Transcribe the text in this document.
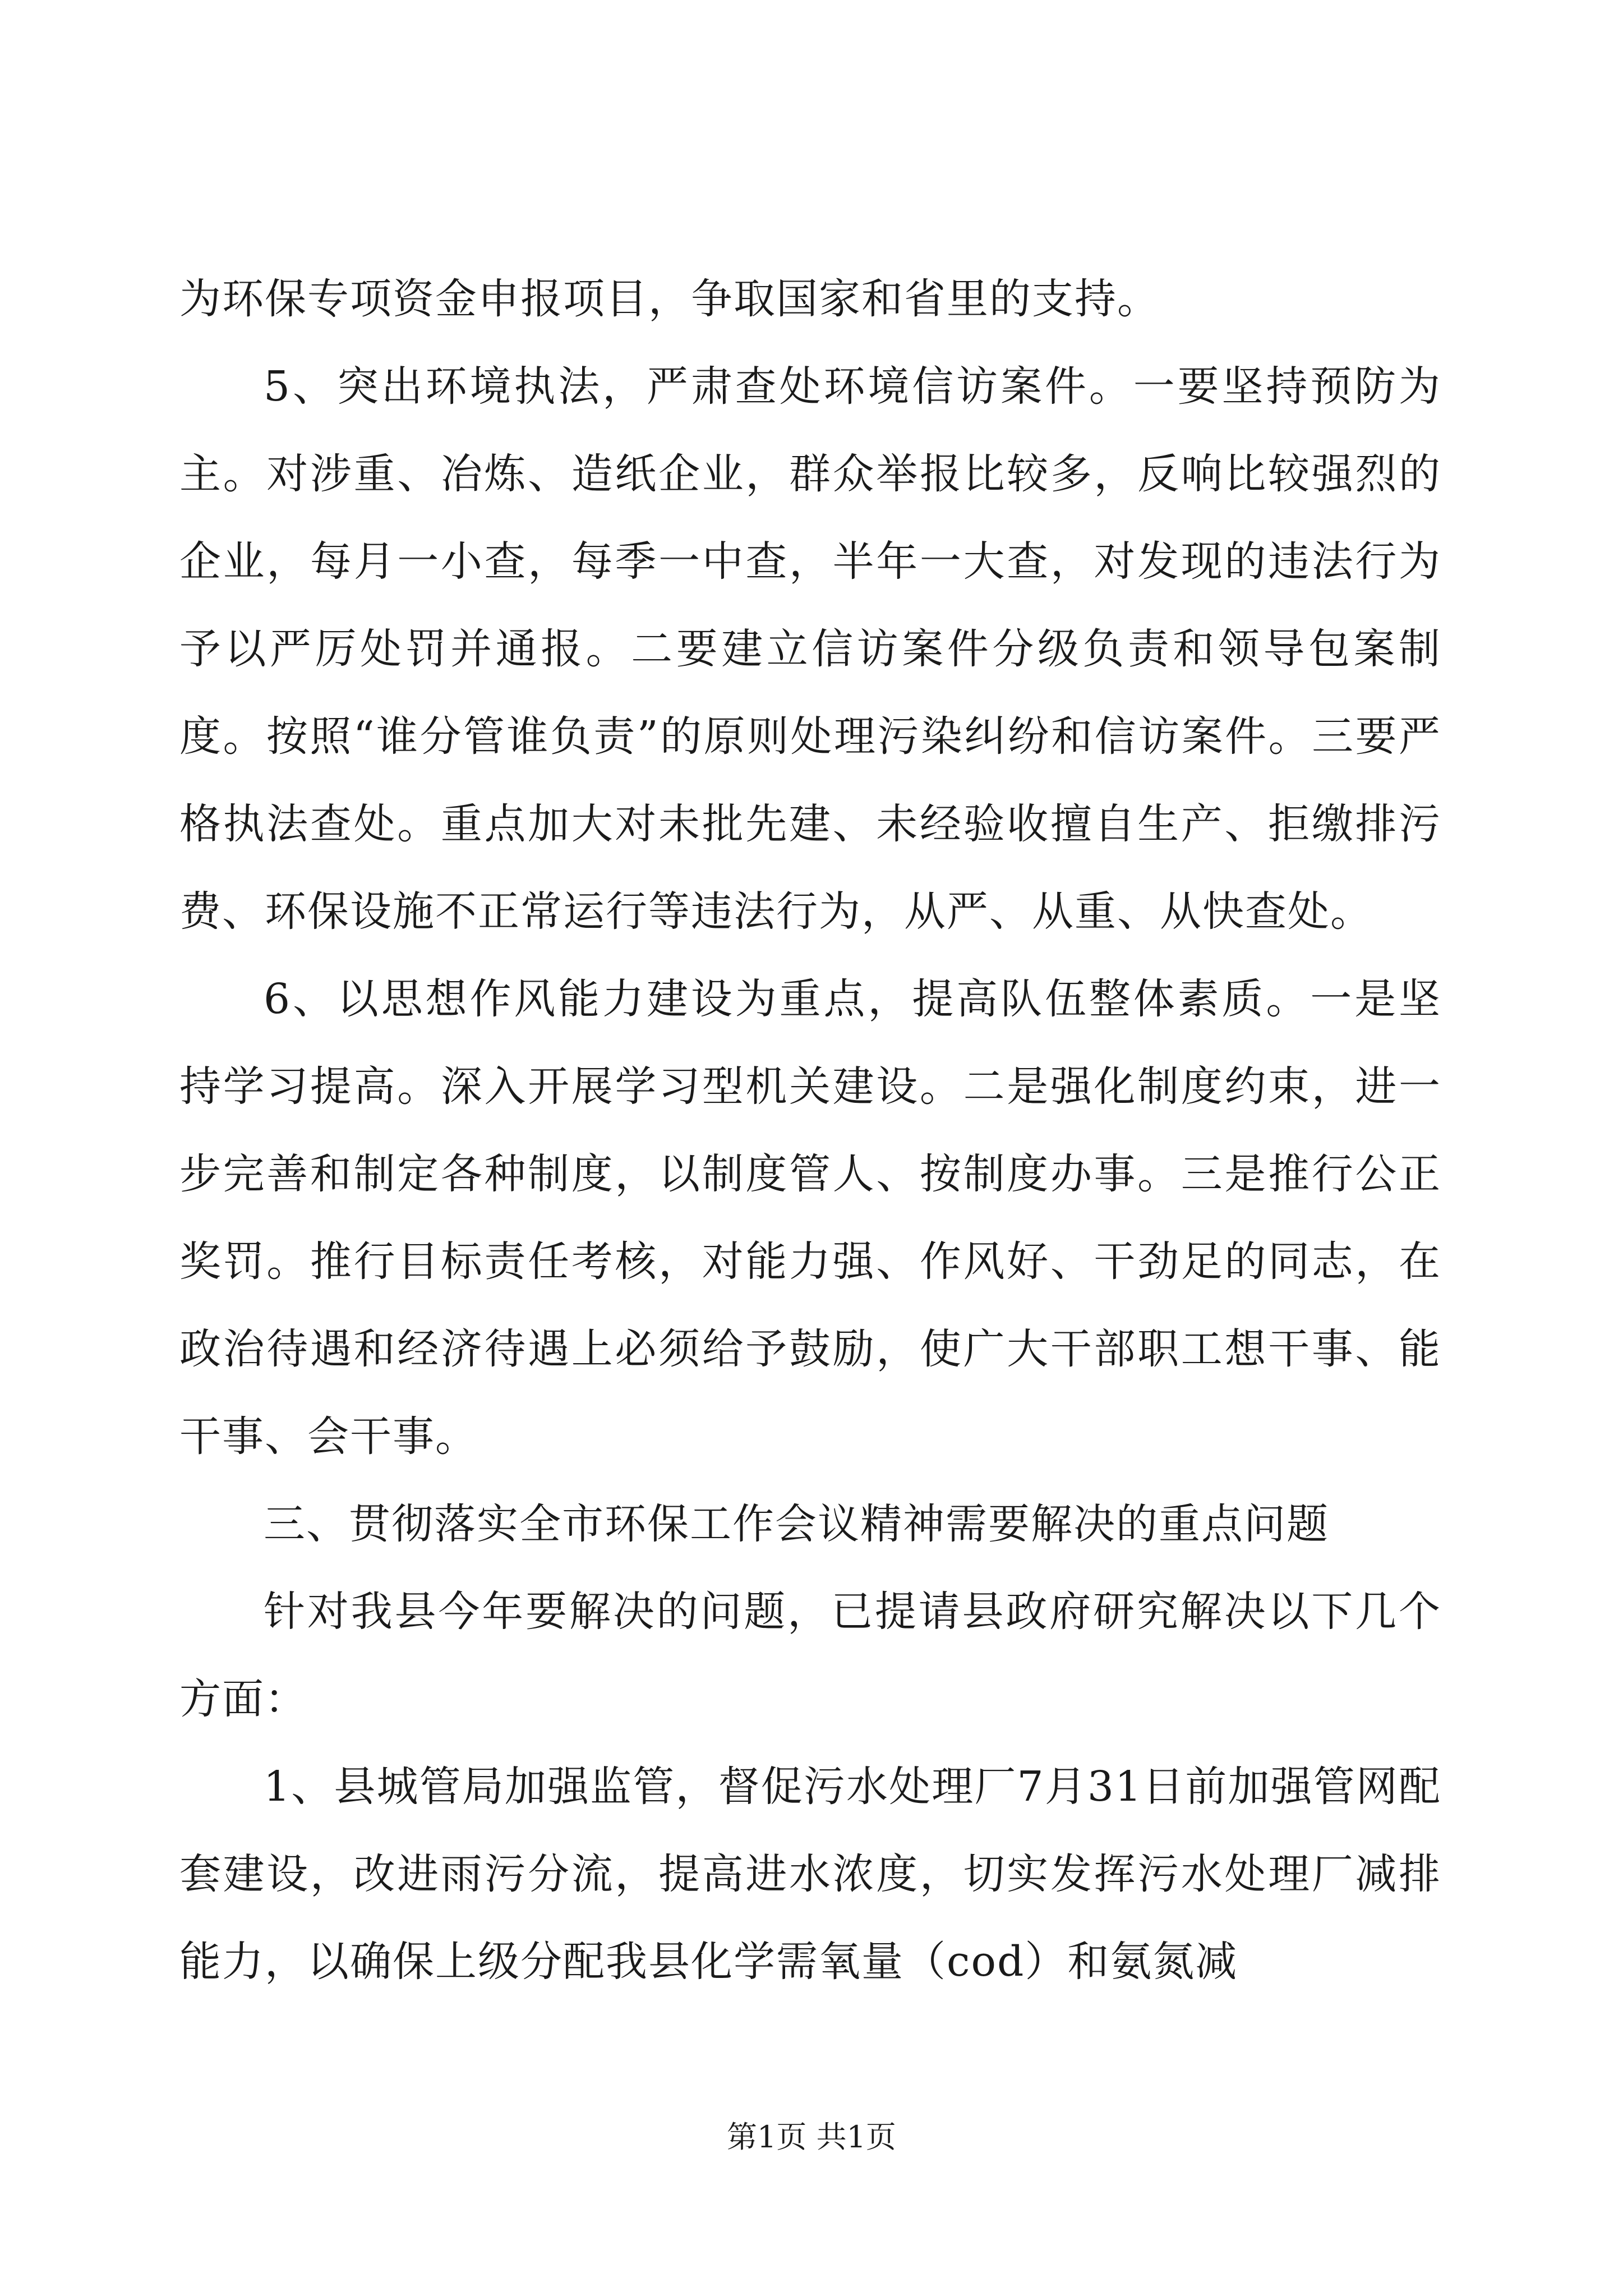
为环保专项资金申报项目，争取国家和省里的支持。

5、突出环境执法，严肃查处环境信访案件。一要坚持预防为主。对涉重、冶炼、造纸企业，群众举报比较多，反响比较强烈的企业，每月一小查，每季一中查，半年一大查，对发现的违法行为予以严厉处罚并通报。二要建立信访案件分级负责和领导包案制度。按照“谁分管谁负责”的原则处理污染纠纷和信访案件。三要严格执法查处。重点加大对未批先建、未经验收擅自生产、拒缴排污费、环保设施不正常运行等违法行为，从严、从重、从快查处。

6、以思想作风能力建设为重点，提高队伍整体素质。一是坚持学习提高。深入开展学习型机关建设。二是强化制度约束，进一步完善和制定各种制度，以制度管人、按制度办事。三是推行公正奖罚。推行目标责任考核，对能力强、作风好、干劲足的同志，在政治待遇和经济待遇上必须给予鼓励，使广大干部职工想干事、能干事、会干事。

三、贯彻落实全市环保工作会议精神需要解决的重点问题

针对我县今年要解决的问题，已提请县政府研究解决以下几个方面：

1、县城管局加强监管，督促污水处理厂7月31日前加强管网配套建设，改进雨污分流，提高进水浓度，切实发挥污水处理厂减排能力，以确保上级分配我县化学需氧量（cod）和氨氮减

第1页 共1页
